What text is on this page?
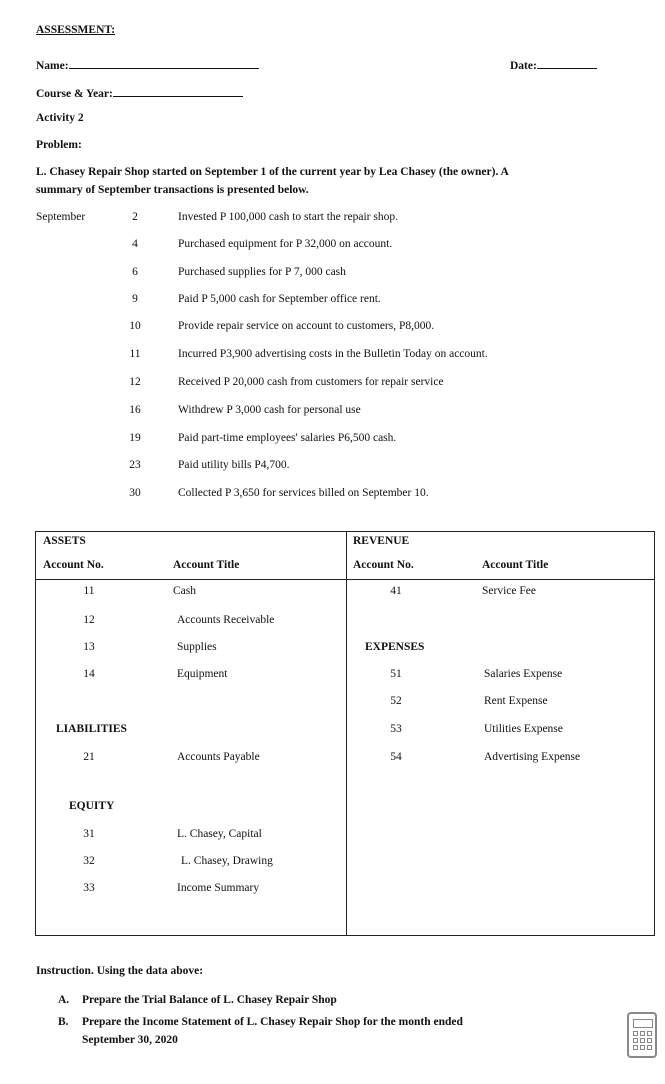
ASSESSMENT:
Name:	Date:
Course & Year:
Activity 2
Problem:
L. Chasey Repair Shop started on September 1 of the current year by Lea Chasey (the owner). A
summary of September transactions is presented below.
September	2	Invested P 100,000 cash to start the repair shop.
4	Purchased equipment for P 32,000 on account.
6	Purchased supplies for P 7, 000 cash
9	Paid P 5,000 cash for September office rent.
10	Provide repair service on account to customers, P8,000.
11	Incurred P3,900 advertising costs in the Bulletin Today on account.
12	Received P 20,000 cash from customers for repair service
16	Withdrew P 3,000 cash for personal use
19	Paid part-time employees' salaries P6,500 cash.
23	Paid utility bills P4,700.
30	Collected P 3,650 for services billed on September 10.
ASSETS	REVENUE
Account No.	Account Title	Account No.	Account Title
11	Cash
12	Accounts Receivable
13	Supplies
14	Equipment
LIABILITIES
21	Accounts Payable
EQUITY
31	L. Chasey, Capital
32	L. Chasey, Drawing
33	Income Summary
41	Service Fee
EXPENSES
51	Salaries Expense
52	Rent Expense
53	Utilities Expense
54	Advertising Expense
Instruction. Using the data above:
A. Prepare the Trial Balance of L. Chasey Repair Shop
B. Prepare the Income Statement of L. Chasey Repair Shop for the month ended
September 30, 2020
